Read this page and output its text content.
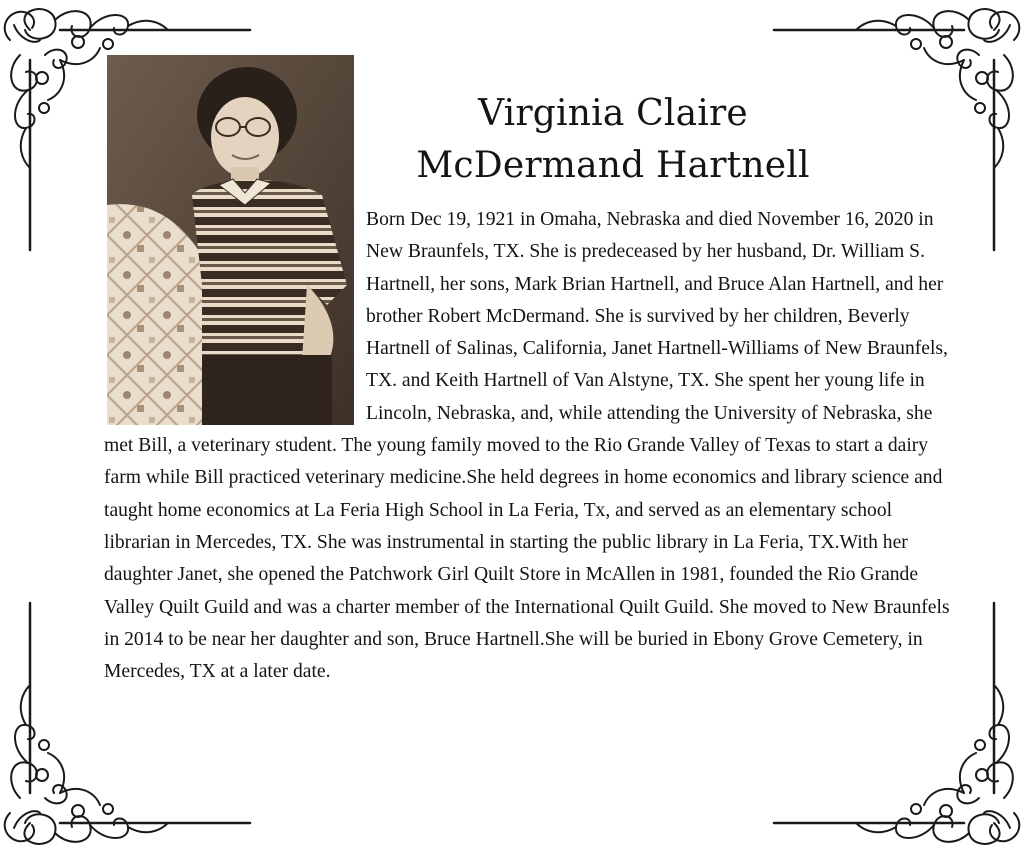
Virginia Claire
McDermand Hartnell

Born Dec 19, 1921 in Omaha, Nebraska and died November 16, 2020 in New Braunfels, TX. She is predeceased by her husband, Dr. William S. Hartnell, her sons, Mark Brian Hartnell, and Bruce Alan Hartnell, and her brother Robert McDermand. She is survived by her children, Beverly Hartnell of Salinas, California, Janet Hartnell-Williams of New Braunfels, TX. and Keith Hartnell of Van Alstyne, TX. She spent her young life in Lincoln, Nebraska, and, while attending the University of Nebraska, she met Bill, a veterinary student. The young family moved to the Rio Grande Valley of Texas to start a dairy farm while Bill practiced veterinary medicine.She held degrees in home economics and library science and taught home economics at La Feria High School in La Feria, Tx, and served as an elementary school librarian in Mercedes, TX. She was instrumental in starting the public library in La Feria, TX.With her daughter Janet, she opened the Patchwork Girl Quilt Store in McAllen in 1981, founded the Rio Grande Valley Quilt Guild and was a charter member of the International Quilt Guild. She moved to New Braunfels in 2014 to be near her daughter and son, Bruce Hartnell.She will be buried in Ebony Grove Cemetery, in Mercedes, TX at a later date.
